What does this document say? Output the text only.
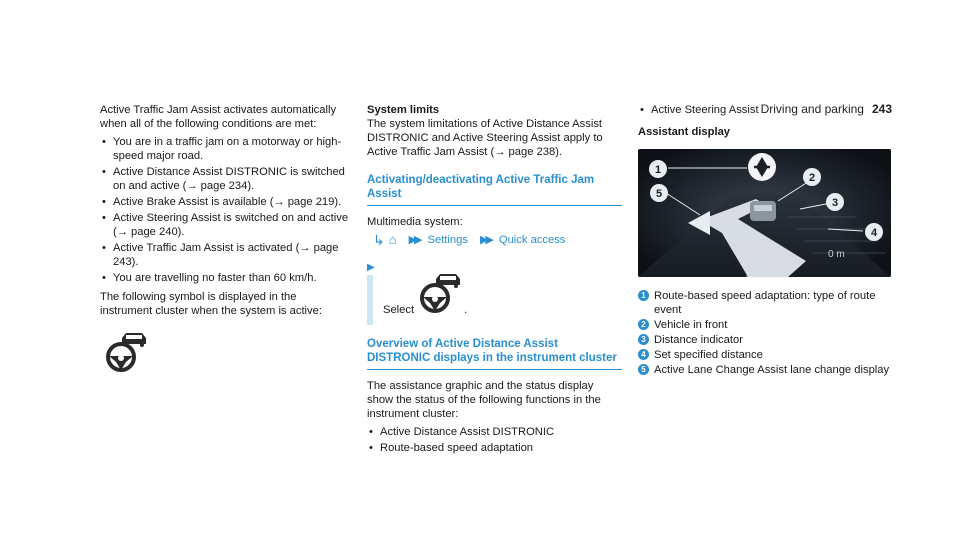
Driving and parking 243

Active Traffic Jam Assist activates automatically when all of the following conditions are met:

• You are in a traffic jam on a motorway or high-speed major road.
• Active Distance Assist DISTRONIC is switched on and active (→ page 234).
• Active Brake Assist is available (→ page 219).
• Active Steering Assist is switched on and active (→ page 240).
• Active Traffic Jam Assist is activated (→ page 243).
• You are travelling no faster than 60 km/h.

The following symbol is displayed in the instrument cluster when the system is active:

System limits

The system limitations of Active Distance Assist DISTRONIC and Active Steering Assist apply to Active Traffic Jam Assist (→ page 238).

Activating/deactivating Active Traffic Jam Assist

Multimedia system:

↳ ⌂ ▶▶ Settings ▶▶ Quick access
▶
Select	.
Overview of Active Distance Assist DISTRONIC displays in the instrument cluster

The assistance graphic and the status display show the status of the following functions in the instrument cluster:

• Active Distance Assist DISTRONIC
• Route-based speed adaptation
• Active Steering Assist

Assistant display

1
2
3
4
5
0 m
1 Route-based speed adaptation: type of route event
2 Vehicle in front
3 Distance indicator
4 Set specified distance
5 Active Lane Change Assist lane change display
